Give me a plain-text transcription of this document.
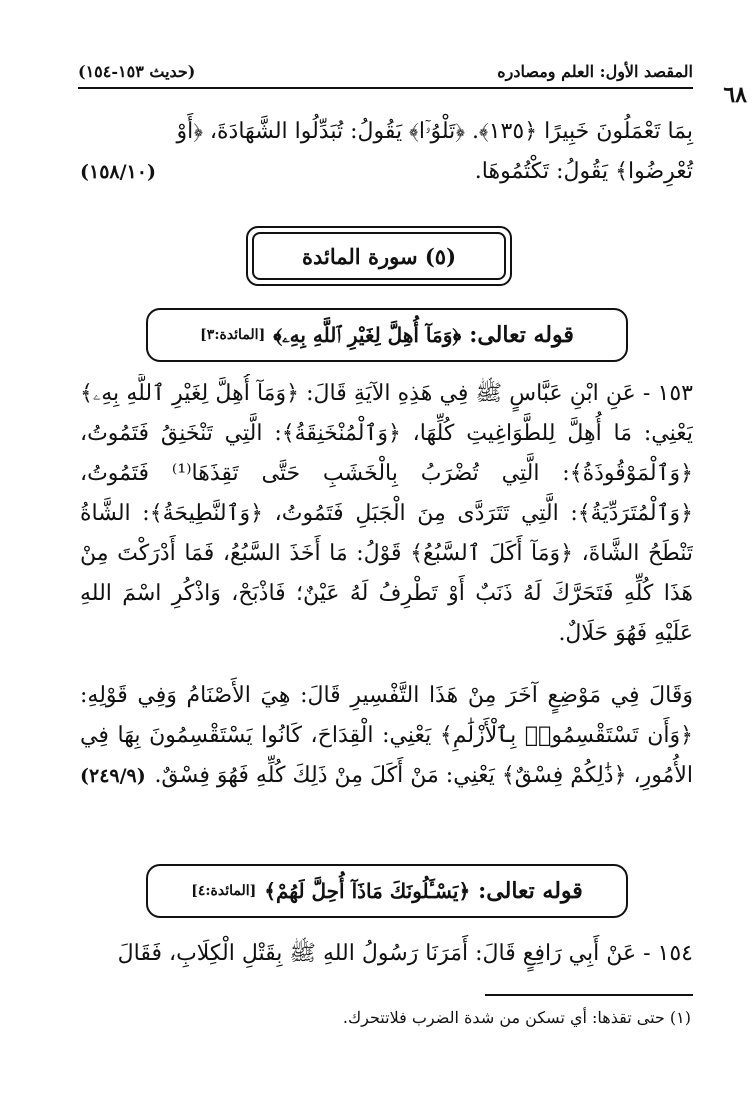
٦٨
المقصد الأول: العلم ومصادره
(حديث ١٥٣-١٥٤)

بِمَا تَعْمَلُونَ خَبِيرًا ﴿١٣٥﴾. ﴿تَلْوُۥٓا﴾ يَقُولُ: تُبَدِّلُوا الشَّهَادَةَ، ﴿أَوْ

تُعْرِضُوا﴾ يَقُولُ: تَكْتُمُوهَا.
(١٥٨/١٠)

(٥) سورة المائدة
قوله تعالى:
﴿وَمَآ أُهِلَّ لِغَيْرِ ٱللَّهِ بِهِۦ﴾
[المائدة:٣]

١٥٣ - عَنِ ابْنِ عَبَّاسٍ ﷺ فِي هَذِهِ الآيَةِ قَالَ: ﴿وَمَآ أُهِلَّ لِغَيْرِ ٱللَّهِ بِهِۦ﴾ يَعْنِي: مَا أُهِلَّ لِلطَّوَاغِيتِ كُلِّهَا، ﴿وَٱلْمُنْخَنِقَةُ﴾: الَّتِي تَنْخَنِقُ فَتَمُوتُ، ﴿وَٱلْمَوْقُوذَةُ﴾: الَّتِي تُضْرَبُ بِالْخَشَبِ حَتَّى تَقِذَهَا⁽¹⁾ فَتَمُوتُ، ﴿وَٱلْمُتَرَدِّيَةُ﴾: الَّتِي تَتَرَدَّى مِنَ الْجَبَلِ فَتَمُوتُ، ﴿وَٱلنَّطِيحَةُ﴾: الشَّاةُ تَنْطَحُ الشَّاةَ، ﴿وَمَآ أَكَلَ ٱلسَّبُعُ﴾ قَوْلُ: مَا أَخَذَ السَّبُعُ، فَمَا أَدْرَكْتَ مِنْ هَذَا كُلِّهِ فَتَحَرَّكَ لَهُ ذَنَبٌ أَوْ تَطْرِفُ لَهُ عَيْنٌ؛ فَاذْبَحْ، وَاذْكُرِ اسْمَ اللهِ عَلَيْهِ فَهُوَ حَلَالٌ.

وَقَالَ فِي مَوْضِعٍ آخَرَ مِنْ هَذَا التَّفْسِيرِ قَالَ: هِيَ الأَصْنَامُ وَفِي قَوْلِهِ: ﴿وَأَن تَسْتَقْسِمُوا۟ بِٱلْأَزْلَٰمِ﴾ يَعْنِي: الْقِدَاحَ، كَانُوا يَسْتَقْسِمُونَ بِهَا فِي الأُمُورِ، ﴿ذَٰلِكُمْ فِسْقٌ﴾ يَعْنِي: مَنْ أَكَلَ مِنْ ذَلِكَ كُلِّهِ فَهُوَ فِسْقٌ.
(٢٤٩/٩)

قوله تعالى:
﴿يَسْـَٔلُونَكَ مَاذَآ أُحِلَّ لَهُمْ﴾
[المائدة:٤]

١٥٤ - عَنْ أَبِي رَافِعٍ قَالَ: أَمَرَنَا رَسُولُ اللهِ ﷺ بِقَتْلِ الْكِلَابِ، فَقَالَ

(١) حتى تقذها: أي تسكن من شدة الضرب فلاتتحرك.
